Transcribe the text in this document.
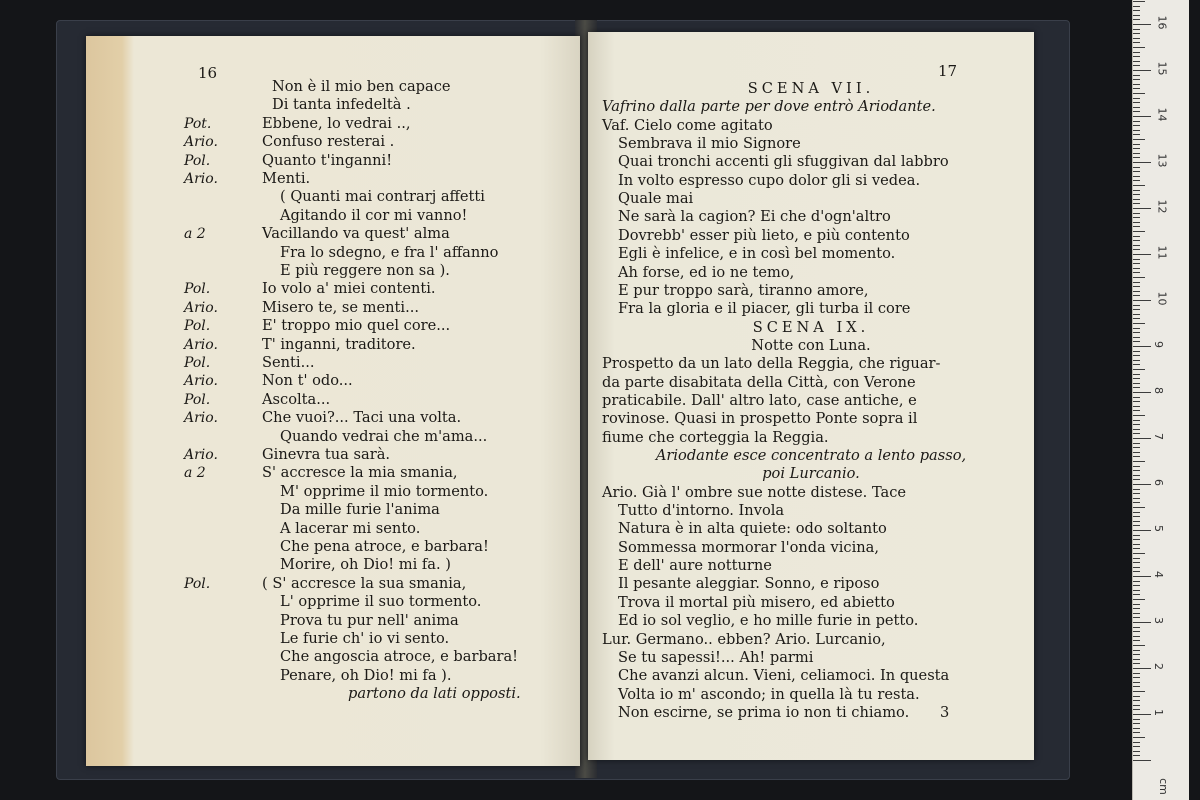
16
Non è il mio ben capace
Di tanta infedeltà .
Pot.	Ebbene, lo vedrai ..,
Ario.	Confuso resterai .
Pol.	Quanto t'inganni!
Ario.	Menti.
( Quanti mai contrarj affetti
Agitando il cor mi vanno!
a 2	Vacillando va quest' alma
Fra lo sdegno, e fra l' affanno
E più reggere non sa ).
Pol.	Io volo a' miei contenti.
Ario.	Misero te, se menti...
Pol.	E' troppo mio quel core...
Ario.	T' inganni, traditore.
Pol.	Senti...
Ario.	Non t' odo...
Pol.	Ascolta...
Ario.	Che vuoi?... Taci una volta.
Quando vedrai che m'ama...
Ario.	Ginevra tua sarà.
a 2	S' accresce la mia smania,
M' opprime il mio tormento.
Da mille furie l'anima
A lacerar mi sento.
Che pena atroce, e barbara!
Morire, oh Dio! mi fa. )
Pol.	( S' accresce la sua smania,
L' opprime il suo tormento.
Prova tu pur nell' anima
Le furie ch' io vi sento.
Che angoscia atroce, e barbara!
Penare, oh Dio! mi fa ).
partono da lati opposti.
17
SCENA VII.
Vafrino dalla parte per dove entrò Ariodante.
Vaf. Cielo come agitato
Sembrava il mio Signore
Quai tronchi accenti gli sfuggivan dal labbro
In volto espresso cupo dolor gli si vedea.
Quale mai
Ne sarà la cagion? Ei che d'ogn'altro
Dovrebb' esser più lieto, e più contento
Egli è infelice, e in così bel momento.
Ah forse, ed io ne temo,
E pur troppo sarà, tiranno amore,
Fra la gloria e il piacer, gli turba il core
SCENA IX.
Notte con Luna.
Prospetto da un lato della Reggia, che riguar-
da parte disabitata della Città, con Verone
praticabile. Dall' altro lato, case antiche, e
rovinose. Quasi in prospetto Ponte sopra il
fiume che corteggia la Reggia.
Ariodante esce concentrato a lento passo,
poi Lurcanio.
Ario. Già l' ombre sue notte distese. Tace
Tutto d'intorno. Invola
Natura è in alta quiete: odo soltanto
Sommessa mormorar l'onda vicina,
E dell' aure notturne
Il pesante aleggiar. Sonno, e riposo
Trova il mortal più misero, ed abietto
Ed io sol veglio, e ho mille furie in petto.
Lur. Germano.. ebben? Ario. Lurcanio,
Se tu sapessi!... Ah! parmi
Che avanzi alcun. Vieni, celiamoci. In questa
Volta io m' ascondo; in quella là tu resta.
Non escirne, se prima io non ti chiamo. 3
16
15
14
13
12
11
10
9
8
7
6
5
4
3
2
1
cm
